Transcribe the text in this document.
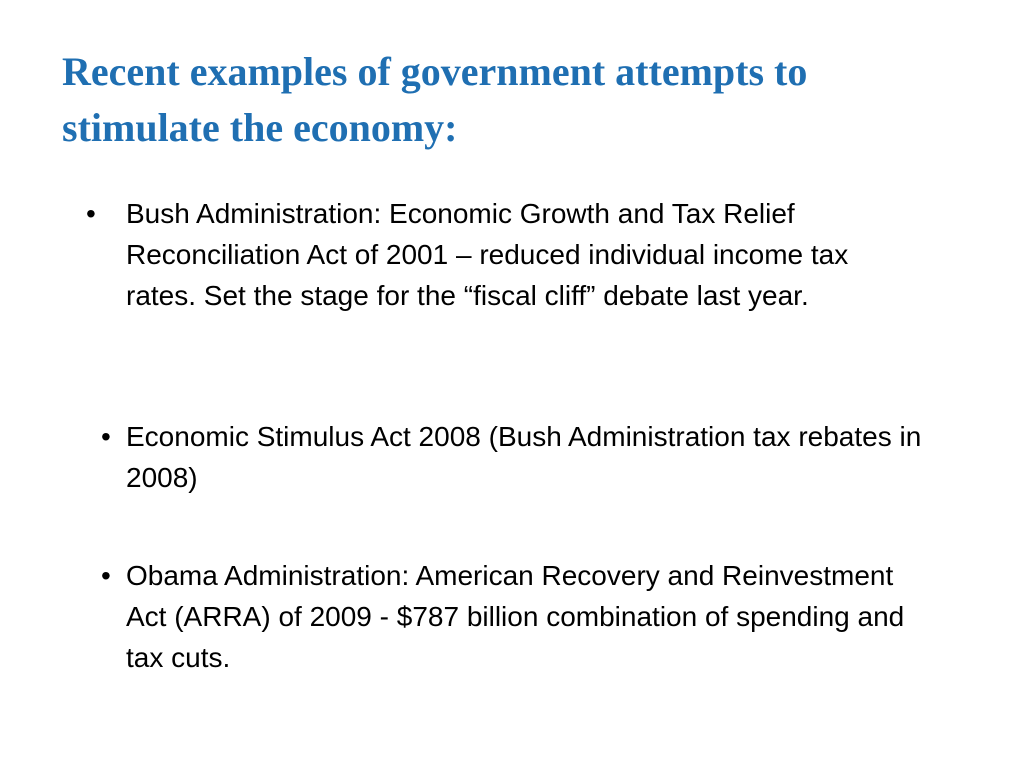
Recent examples of government attempts to stimulate the economy:
•	Bush Administration: Economic Growth and Tax Relief Reconciliation Act of 2001 – reduced individual income tax rates. Set the stage for the “fiscal cliff” debate last year.
• Economic Stimulus Act 2008 (Bush Administration tax rebates in 2008)
• Obama Administration: American Recovery and Reinvestment Act (ARRA) of 2009 - $787 billion combination of spending and tax cuts.
